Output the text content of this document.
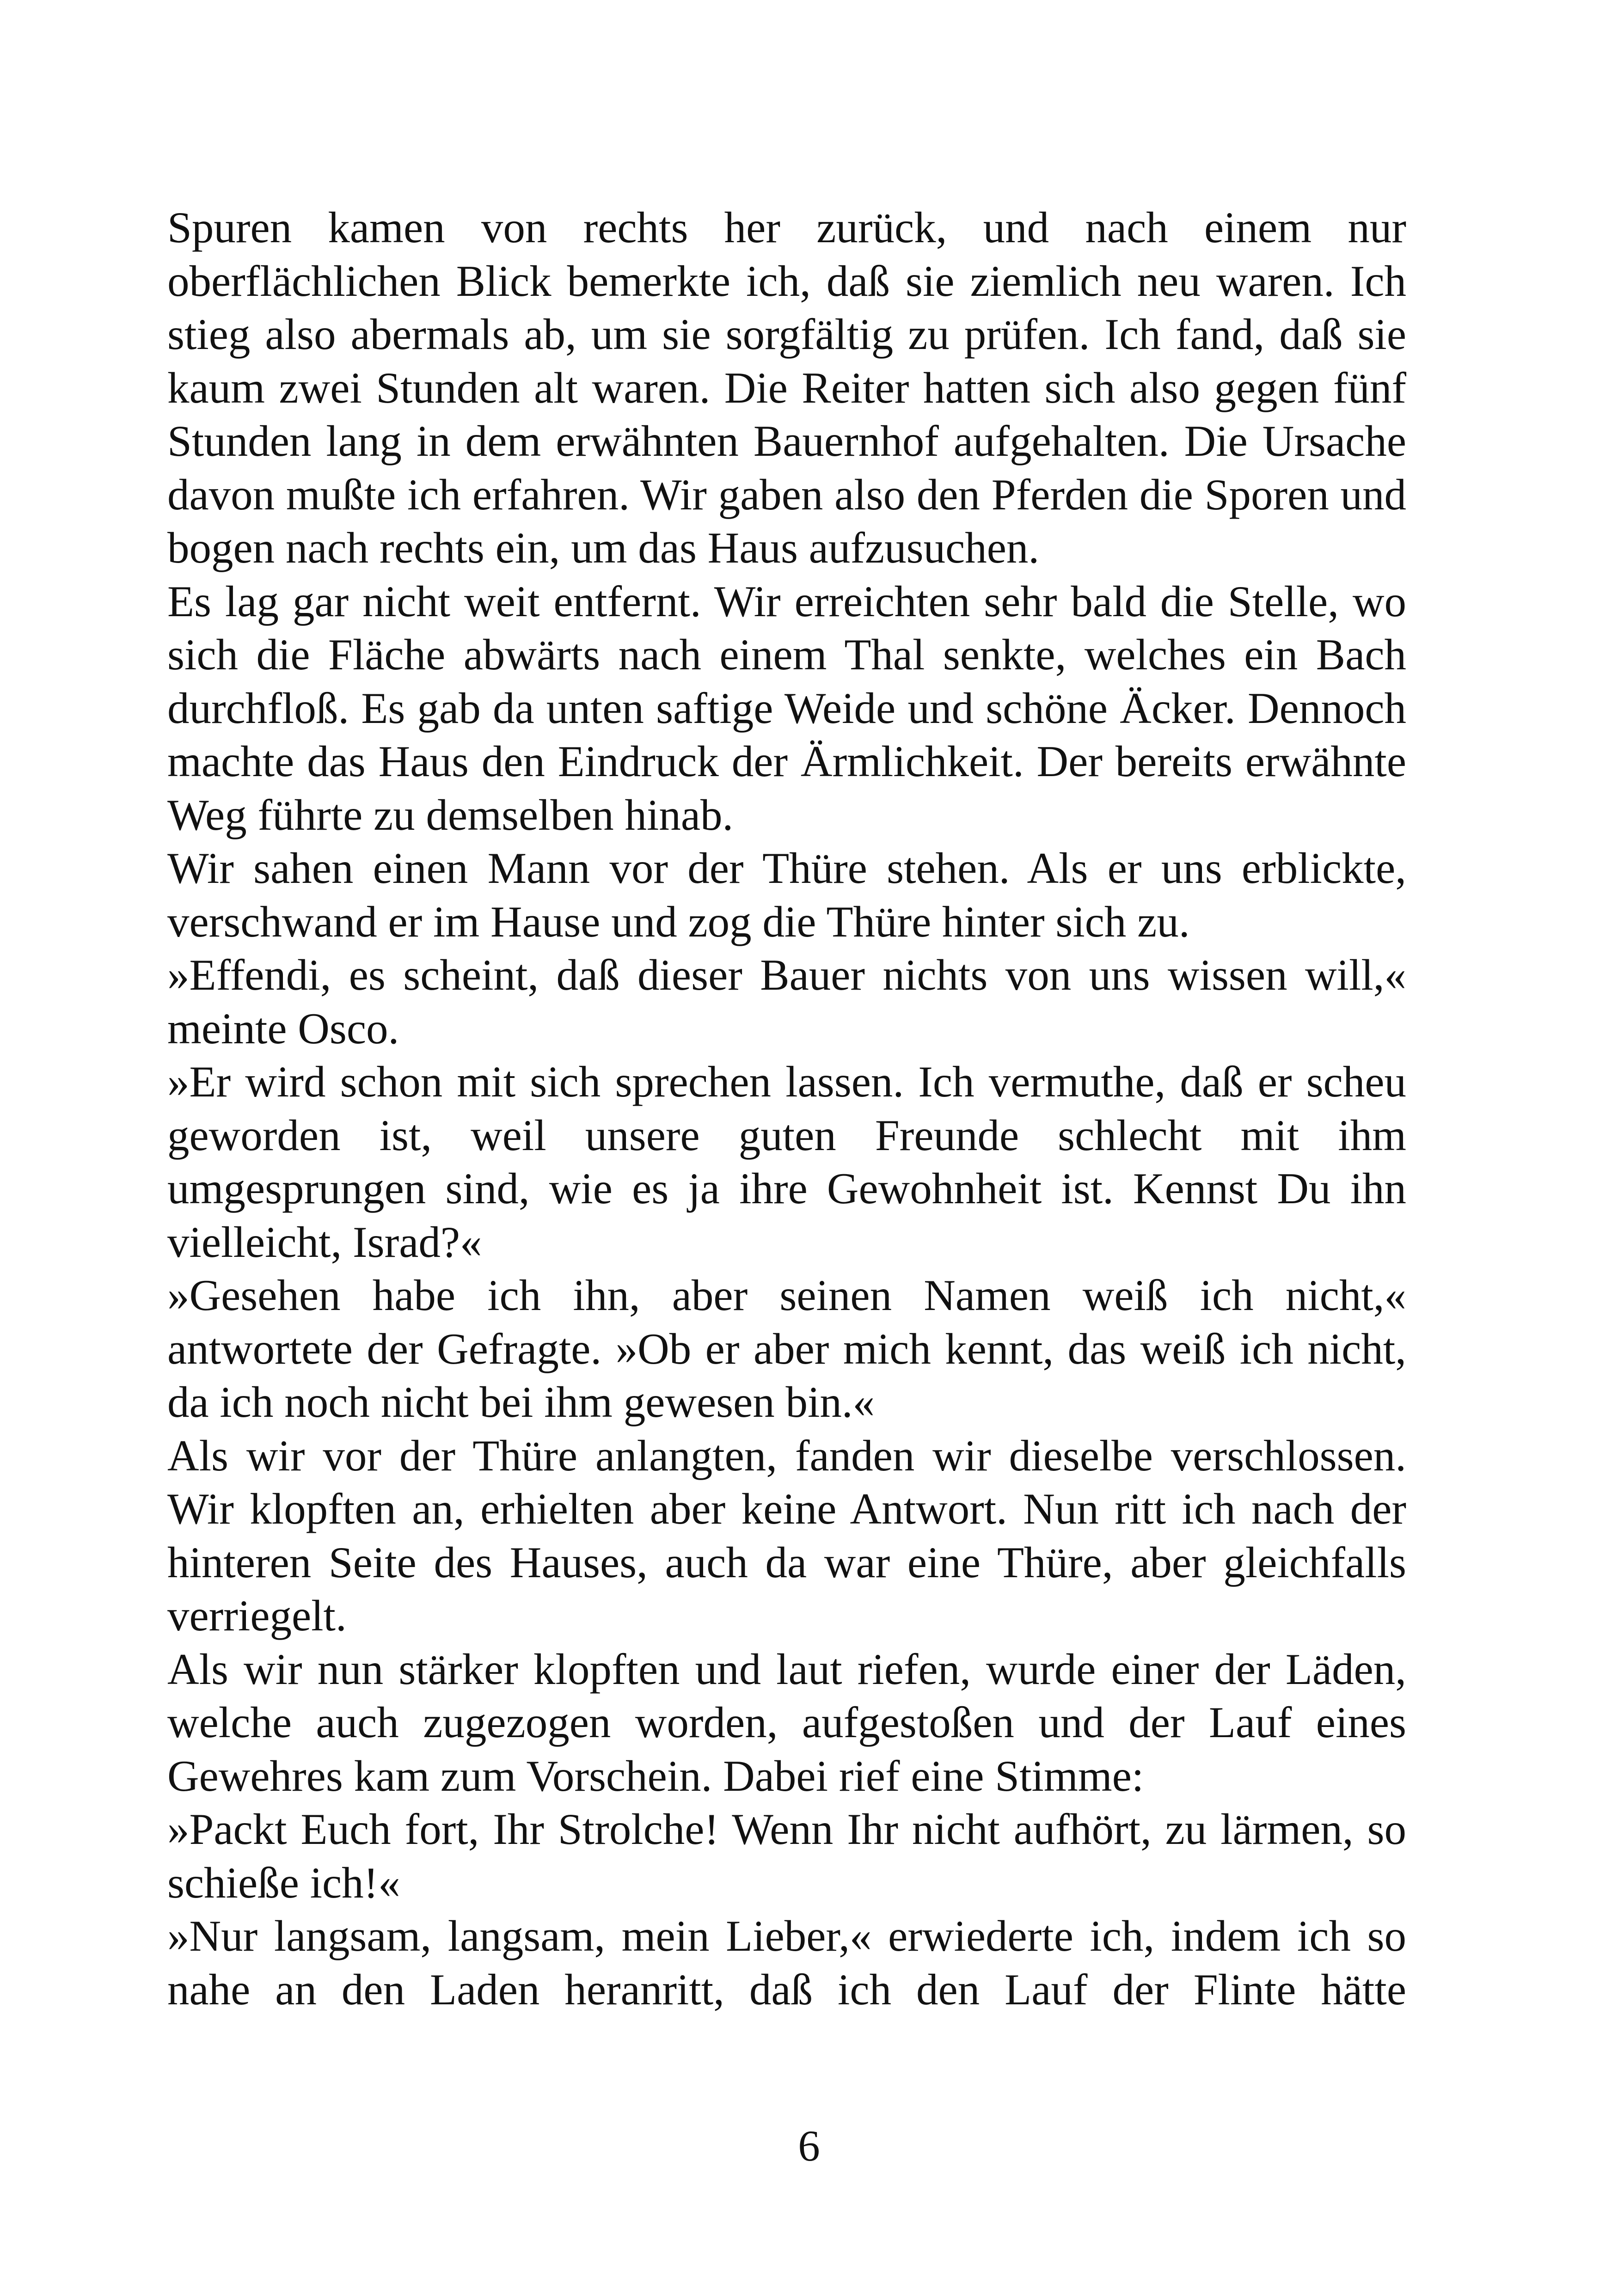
Spuren kamen von rechts her zurück, und nach einem nur oberflächlichen Blick bemerkte ich, daß sie ziemlich neu waren. Ich stieg also abermals ab, um sie sorgfältig zu prüfen. Ich fand, daß sie kaum zwei Stunden alt waren. Die Reiter hatten sich also gegen fünf Stunden lang in dem erwähnten Bauernhof aufgehalten. Die Ursache davon mußte ich erfahren. Wir gaben also den Pferden die Sporen und bogen nach rechts ein, um das Haus aufzusuchen.

Es lag gar nicht weit entfernt. Wir erreichten sehr bald die Stelle, wo sich die Fläche abwärts nach einem Thal senkte, welches ein Bach durchfloß. Es gab da unten saftige Weide und schöne Äcker. Dennoch machte das Haus den Eindruck der Ärmlichkeit. Der bereits erwähnte Weg führte zu demselben hinab.

Wir sahen einen Mann vor der Thüre stehen. Als er uns erblickte, verschwand er im Hause und zog die Thüre hinter sich zu.

»Effendi, es scheint, daß dieser Bauer nichts von uns wissen will,« meinte Osco.

»Er wird schon mit sich sprechen lassen. Ich vermuthe, daß er scheu geworden ist, weil unsere guten Freunde schlecht mit ihm umgesprungen sind, wie es ja ihre Gewohnheit ist. Kennst Du ihn vielleicht, Israd?«

»Gesehen habe ich ihn, aber seinen Namen weiß ich nicht,« antwortete der Gefragte. »Ob er aber mich kennt, das weiß ich nicht, da ich noch nicht bei ihm gewesen bin.«

Als wir vor der Thüre anlangten, fanden wir dieselbe verschlossen. Wir klopften an, erhielten aber keine Antwort. Nun ritt ich nach der hinteren Seite des Hauses, auch da war eine Thüre, aber gleichfalls verriegelt.

Als wir nun stärker klopften und laut riefen, wurde einer der Läden, welche auch zugezogen worden, aufgestoßen und der Lauf eines Gewehres kam zum Vorschein. Dabei rief eine Stimme:

»Packt Euch fort, Ihr Strolche! Wenn Ihr nicht aufhört, zu lärmen, so schieße ich!«

»Nur langsam, langsam, mein Lieber,« erwiederte ich, indem ich so nahe an den Laden heranritt, daß ich den Lauf der Flinte hätte

6
